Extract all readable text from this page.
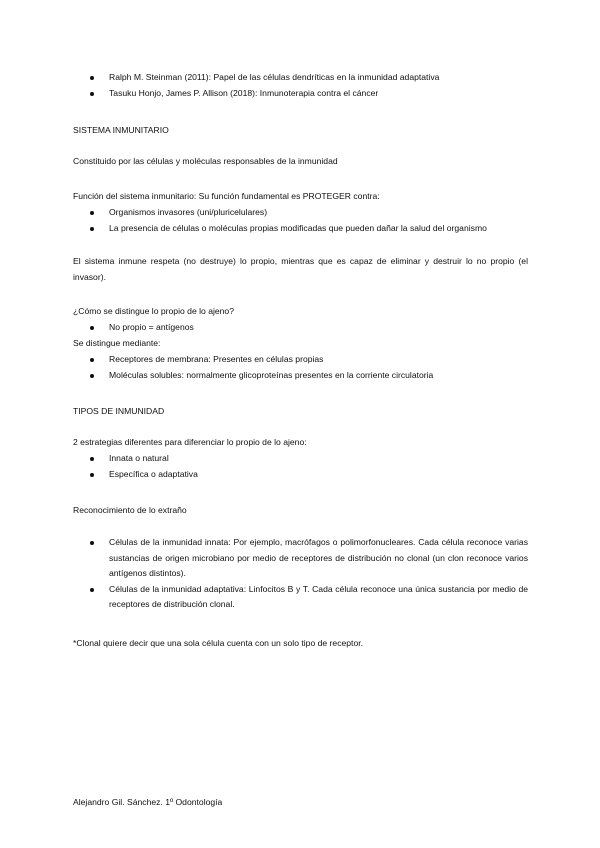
Ralph M. Steinman (2011): Papel de las células dendríticas en la inmunidad adaptativa
Tasuku Honjo, James P. Allison (2018): Inmunoterapia contra el cáncer
SISTEMA INMUNITARIO
Constituido por las células y moléculas responsables de la inmunidad
Función del sistema inmunitario: Su función fundamental es PROTEGER contra:
Organismos invasores (uni/pluricelulares)
La presencia de células o moléculas propias modificadas que pueden dañar la salud del organismo
El sistema inmune respeta (no destruye) lo propio, mientras que es capaz de eliminar y destruir lo no propio (el invasor).
¿Cómo se distingue lo propio de lo ajeno?
No propio = antígenos
Se distingue mediante:
Receptores de membrana: Presentes en células propias
Moléculas solubles: normalmente glicoproteínas presentes en la corriente circulatoria
TIPOS DE INMUNIDAD
2 estrategias diferentes para diferenciar lo propio de lo ajeno:
Innata o natural
Específica o adaptativa
Reconocimiento de lo extraño
Células de la inmunidad innata: Por ejemplo, macrófagos o polimorfonucleares. Cada célula reconoce varias sustancias de origen microbiano por medio de receptores de distribución no clonal (un clon reconoce varios antígenos distintos).
Células de la inmunidad adaptativa: Linfocitos B y T. Cada célula reconoce una única sustancia por medio de receptores de distribución clonal.
*Clonal quiere decir que una sola célula cuenta con un solo tipo de receptor.
Alejandro Gil. Sánchez. 1º Odontología
